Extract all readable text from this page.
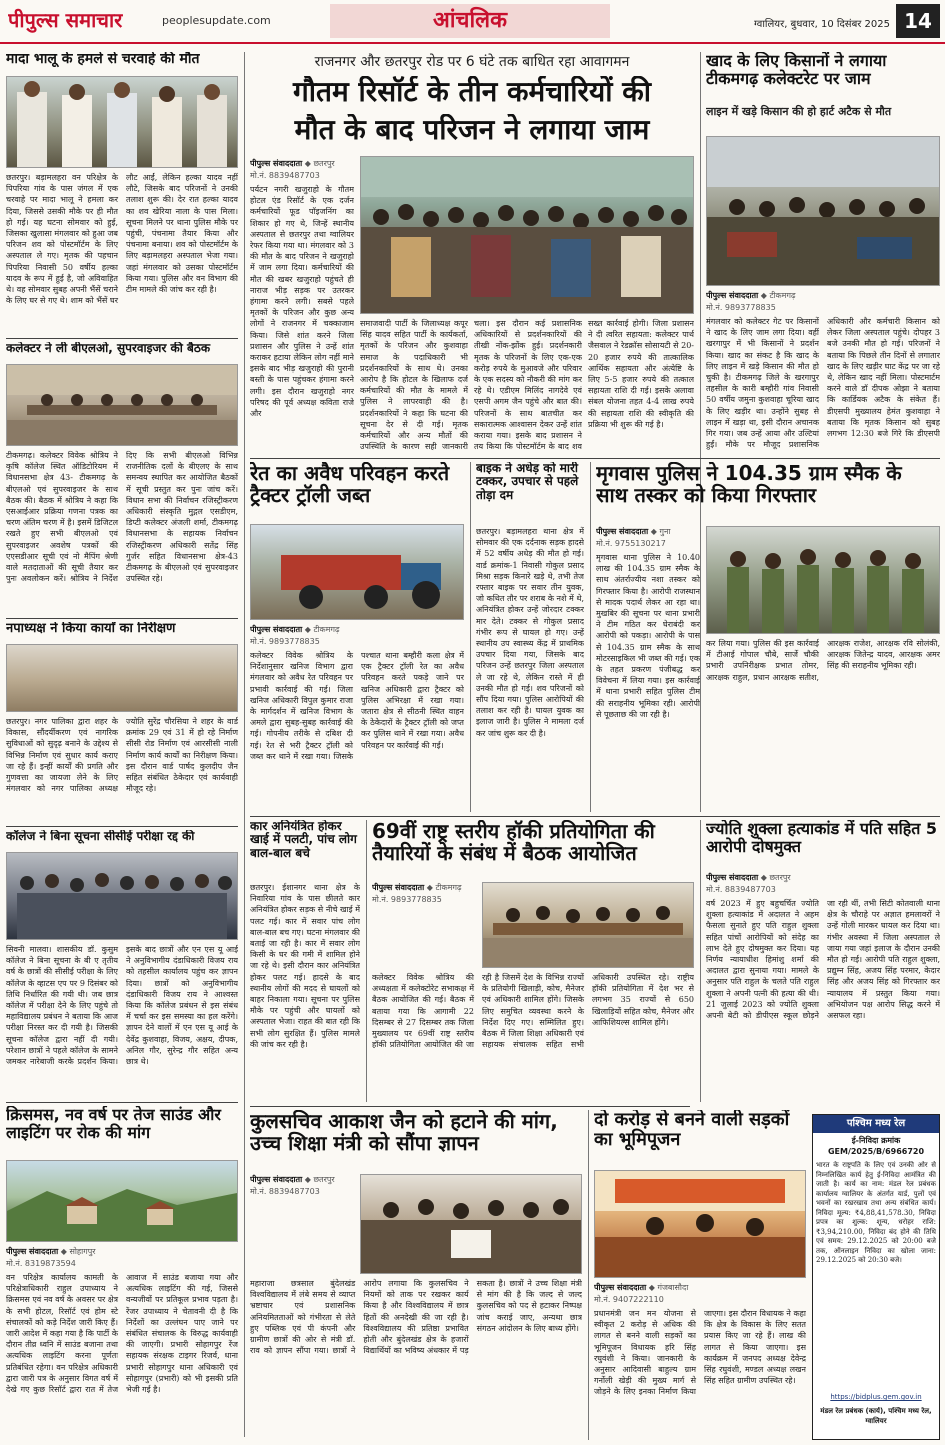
पीपुल्स समाचार	peoplesupdate.com	आंचलिक	ग्वालियर, बुधवार, 10 दिसंबर 2025 14
मादा भालू के हमले से चरवाहे की मौत
छतरपुर। बड़ामलहरा वन परिक्षेत्र के पिपरिया गांव के पास जंगल में एक चरवाहे पर मादा भालू ने हमला कर दिया, जिससे उसकी मौके पर ही मौत हो गई। यह घटना सोमवार को हुई, जिसका खुलासा मंगलवार को हुआ जब परिजन शव को पोस्टमॉर्टम के लिए अस्पताल ले गए। मृतक की पहचान पिपरिया निवासी 50 वर्षीय हल्का यादव के रूप में हुई है, जो अविवाहित थे। वह सोमवार सुबह अपनी भैंसें चराने के लिए घर से गए थे। शाम को भैंसें घर लौट आईं, लेकिन हल्का यादव नहीं लौटे, जिसके बाद परिजनों ने उनकी तलाश शुरू की। देर रात हल्का यादव का शव खेरिया नाला के पास मिला। सूचना मिलने पर थाना पुलिस मौके पर पहुंची, पंचनामा तैयार किया और पंचनामा बनाया। शव को पोस्टमॉर्टम के लिए बड़ामलहरा अस्पताल भेजा गया। जहां मंगलवार को उसका पोस्टमॉर्टम किया गया। पुलिस और वन विभाग की टीम मामले की जांच कर रही है।
कलेक्टर ने ली बीएलओ, सुपरवाइजर की बैठक
टीकमगढ़। कलेक्टर विवेक श्रोत्रिय ने कृषि कॉलेज स्थित ऑडिटोरियम में विधानसभा क्षेत्र 43- टीकमगढ़ के बीएलओ एवं सुपरवाइजर के साथ बैठक की। बैठक में श्रोत्रिय ने कहा कि एसआईआर प्रक्रिया गणना पत्रक का चरण अंतिम चरण में है। इसमें डिजिटल रखते हुए सभी बीएलओ एवं सुपरवाइजर अवशेष पत्रकों की एएसडीआर सूची एवं नो मैपिंग श्रेणी वाले मतदाताओं की सूची तैयार कर पुनः अवलोकन करें। श्रोत्रिय ने निर्देश दिए कि सभी बीएलओ विभिन्न राजनीतिक दलों के बीएलए के साथ समन्वय स्थापित कर आयोजित बैठकों में सूची प्रस्तुत कर पुनः जांच करें। विधान सभा की निर्वाचन रजिस्ट्रीकरण अधिकारी संस्कृति मुद्गल एसडीएम, डिप्टी कलेक्टर अंजली शर्मा, टीकमगढ़ विधानसभा के सहायक निर्वाचन रजिस्ट्रीकरण अधिकारी सतेंद्र सिंह गुर्जर सहित विधानसभा क्षेत्र-43 टीकमगढ़ के बीएलओ एवं सुपरवाइजर उपस्थित रहे।
नपाध्यक्ष ने किया कार्यों का निरीक्षण
छतरपुर। नगर पालिका द्वारा शहर के विकास, सौंदर्यीकरण एवं नागरिक सुविधाओं को सुदृढ़ बनाने के उद्देश्य से विभिन्न निर्माण एवं सुधार कार्य कराए जा रहे हैं। इन्हीं कार्यों की प्रगति और गुणवत्ता का जायजा लेने के लिए मंगलवार को नगर पालिका अध्यक्ष ज्योति सुरेंद्र चौरसिया ने शहर के वार्ड क्रमांक 29 एवं 31 में हो रहे निर्माण सीसी रोड निर्माण एवं आरसीसी नाली निर्माण कार्य कार्यों का निरीक्षण किया। इस दौरान वार्ड पार्षद कुलदीप जैन सहित संबंधित ठेकेदार एवं कार्यवाही मौजूद रहे।
कॉलेज ने बिना सूचना सीसीई परीक्षा रद्द की
सिवनी मालवा। शासकीय डॉ. कुसुम कॉलेज ने बिना सूचना के बी ए तृतीय वर्ष के छात्रों की सीसीई परीक्षा के लिए कॉलेज के व्हाटस एप पर 9 दिसंबर को तिथि निर्धारित की गयी थी। जब छात्र कॉलेज में परीक्षा देने के लिए पहुंचे तो महाविद्यालय प्रबंधन ने बताया कि आज परीक्षा निरस्त कर दी गयी है। जिसकी सूचना कॉलेज द्वारा नहीं दी गयी। परेशान छात्रों ने पहले कॉलेज के सामने जमकर नारेबाजी करके प्रदर्शन किया। इसके बाद छात्रों और एन एस यू आई ने अनुविभागीय दंडाधिकारी विजय राय को तहसील कार्यालय पहुंच कर ज्ञापन दिया। छात्रों को अनुविभागीय दंडाधिकारी विजय राय ने आश्वस्त किया कि कॉलेज प्रबंधन से इस संबंध में चर्चा कर इस समस्या का हल करेंगे। ज्ञापन देने वालों में एन एस यू आई के देवेंद्र कुशवाहा, विजय, अक्षय, दीपक, अनिल गौर, सुरेन्द्र गौर सहित अन्य छात्र थे।
क्रिसमस, नव वर्ष पर तेज साउंड और लाइटिंग पर रोक की मांग
पीपुल्स संवाददाता ◆ सोहागपुर
मो.नं. 8319873594
वन परिक्षेत्र कार्यालय कामती के परिक्षेत्राधिकारी राहुल उपाध्याय ने क्रिसमस एवं नव वर्ष के अवसर पर क्षेत्र के सभी होटल, रिसॉर्ट एवं होम स्टे संचालकों को कड़े निर्देश जारी किए हैं। जारी आदेश में कहा गया है कि पार्टी के दौरान तीव्र ध्वनि में साउंड बजाना तथा अत्यधिक लाइटिंग करना पूर्णतः प्रतिबंधित रहेगा। वन परिक्षेत्र अधिकारी द्वारा जारी पत्र के अनुसार विगत वर्ष में देखे गए कुछ रिसॉर्ट द्वारा रात में तेज आवाज में साउंड बजाया गया और अत्यधिक लाइटिंग की गई, जिससे वन्यजीवों पर प्रतिकूल प्रभाव पड़ता है। रेंजर उपाध्याय ने चेतावनी दी है कि निर्देशों का उल्लंघन पाए जाने पर संबंधित संचालक के विरुद्ध कार्यवाही की जाएगी। प्रभारी सोहागपुर रेंज सहायक संरक्षक टाइगर रिजर्व, धाना प्रभारी सोहागपुर थाना अधिकारी एवं सोहागपुर (प्रभारी) को भी इसकी प्रति भेजी गई है।
राजनगर और छतरपुर रोड पर 6 घंटे तक बाधित रहा आवागमन
गौतम रिसॉर्ट के तीन कर्मचारियों की
मौत के बाद परिजन ने लगाया जाम
पीपुल्स संवाददाता ◆ छतरपुर
मो.नं. 8839487703
पर्यटन नगरी खजुराहो के गौतम होटल एंड रिसॉर्ट के एक दर्जन कर्मचारियों फूड पॉइजनिंग का शिकार हो गए थे, जिन्हें स्थानीय अस्पताल से छतरपुर तथा ग्वालियर रेफर किया गया था। मंगलवार को 3 की मौत के बाद परिजन ने खजुराहो में जाम लगा दिया। कर्मचारियों की मौत की खबर खजुराहो पहुंचते ही नाराज भीड़ सड़क पर उतरकर हंगामा करने लगी। सबसे पहले मृतकों के परिजन और कुछ अन्य लोगों ने राजनगर में चक्काजाम किया। जिसे शांत करने जिला प्रशासन और पुलिस ने उन्हें शांत कराकर हटाया लेकिन लोग नहीं माने इसके बाद भीड़ खजुराहो की पुरानी बस्ती के पास पहुंचकर हंगामा करने लगी। इस दौरान खजुराहो नगर परिषद की पूर्व अध्यक्ष कविता राजे और
समाजवादी पार्टी के जिलाध्यक्ष कपूर सिंह यादव सहित पार्टी के कार्यकर्ता, मृतकों के परिजन और कुशवाहा समाज के पदाधिकारी भी प्रदर्शनकारियों के साथ थे। उनका आरोप है कि होटल के खिलाफ दर्ज कर्मचारियों की मौत के मामले में पुलिस ने लापरवाही की है। प्रदर्शनकारियों ने कहा कि घटना की सूचना देर से दी गई। मृतक कर्मचारियों और अन्य मौतों की उपस्थिति के कारण सही जानकारी
चला। इस दौरान कई प्रशासनिक अधिकारियों से प्रदर्शनकारियों की तीखी नोंक-झोंक हुई। प्रदर्शनकारी मृतक के परिजनों के लिए एक-एक करोड़ रुपये के मुआवजे और परिवार के एक सदस्य को नौकरी की मांग कर रहे थे। एडीएम मिलिंद नागदेवे एवं एसपी अगम जैन पहुंचे और बात की। परिजनों के साथ बातचीत कर सकारात्मक आश्वासन देकर उन्हें शांत कराया गया। इसके बाद प्रशासन ने तय किया कि पोस्टमॉर्टम के बाद शव
सख्त कार्रवाई होगी। जिला प्रशासन ने दी त्वरित सहायता: कलेक्टर पार्थ जैसवाल ने रेडक्रॉस सोसायटी से 20-20 हजार रुपये की तात्कालिक आर्थिक सहायता और अंत्येष्टि के लिए 5-5 हजार रुपये की तत्काल सहायता राशि दी गई। इसके अलावा संबल योजना तहत 4-4 लाख रुपये की सहायता राशि की स्वीकृति की प्रक्रिया भी शुरू की गई है।
खाद के लिए किसानों ने लगाया टीकमगढ़ कलेक्टरेट पर जाम
लाइन में खड़े किसान की हो हार्ट अटैक से मौत
पीपुल्स संवाददाता ◆ टीकमगढ़
मो.नं. 9893778835
मंगलवार को कलेक्टर गेट पर किसानों ने खाद के लिए जाम लगा दिया। वहीं खरगापुर में भी किसानों ने प्रदर्शन किया। खाद का संकट है कि खाद के लिए लाइन में खड़े किसान की मौत हो चुकी है। टीकमगढ़ जिले के खरगापुर तहसील के कारी बम्हौरी गांव निवासी 50 वर्षीय जमुना कुशवाहा चूरिया खाद के लिए खड़ीर था। उन्होंने सुबह से लाइन में खड़ा था, इसी दौरान अचानक गिर गया। जब उन्हें आया और उल्टियां हुईं। मौके पर मौजूद प्रशासनिक अधिकारी और कर्मचारी किसान को लेकर जिला अस्पताल पहुंचे। दोपहर 3 बजे उनकी मौत हो गई। परिजनों ने बताया कि पिछले तीन दिनों से लगातार खाद के लिए खड़ीर घाट केंद्र पर जा रहे थे, लेकिन खाद नहीं मिला। पोस्टमार्टम करने वाले डॉ दीपक ओझा ने बताया कि कार्डियक अटैक के संकेत हैं। डीएसपी मुख्यालय हेमंत कुशवाहा ने बताया कि मृतक किसान को सुबह लगभग 12:30 बजे गिरे कि डीएसपी
रेत का अवैध परिवहन करते ट्रैक्टर ट्रॉली जब्त
पीपुल्स संवाददाता ◆ टीकमगढ़
मो.नं. 9893778835
कलेक्टर विवेक श्रोत्रिय के निर्देशानुसार खनिज विभाग द्वारा मंगलवार को अवैध रेत परिवहन पर प्रभावी कार्रवाई की गई। जिला खनिज अधिकारी विपुल कुमार राजा के मार्गदर्शन में खनिज विभाग के अमले द्वारा सुबह-सुबह कार्रवाई की गई। गोपनीय तरीके से दबिश दी गई। रेत से भरी ट्रैक्टर ट्रॉली को जब्त कर थाने में रखा गया। जिसके पश्चात थाना बम्हौरी कला क्षेत्र में एक ट्रैक्टर ट्रॉली रेत का अवैध परिवहन करते पकड़े जाने पर खनिज अधिकारी द्वारा ट्रैक्टर को पुलिस अभिरक्षा में रखा गया। जतारा क्षेत्र से सीठनी स्थित वाहन के ठेकेदारों के ट्रैक्टर ट्रॉली को जप्त कर पुलिस थाने में रखा गया। अवैध परिवहन पर कार्रवाई की गई।
बाइक ने अधेड़ को मारी टक्कर, उपचार से पहले तोड़ा दम
छतरपुर। बड़ामलहरा थाना क्षेत्र में सोमवार की एक दर्दनाक सड़क हादसे में 52 वर्षीय अधेड़ की मौत हो गई। वार्ड क्रमांक-1 निवासी गोकुल प्रसाद मिश्रा सड़क किनारे खड़े थे, तभी तेज रफ्तार बाइक पर सवार तीन युवक, जो कथित तौर पर शराब के नशे में थे, अनियंत्रित होकर उन्हें जोरदार टक्कर मार देते। टक्कर से गोकुल प्रसाद गंभीर रूप से घायल हो गए। उन्हें स्थानीय उप स्वास्थ्य केंद्र में प्राथमिक उपचार दिया गया, जिसके बाद परिजन उन्हें छतरपुर जिला अस्पताल ले जा रहे थे, लेकिन रास्ते में ही उनकी मौत हो गई। शव परिजनों को सौंप दिया गया। पुलिस आरोपियों की तलाश कर रही है। घायल युवक का इलाज जारी है। पुलिस ने मामला दर्ज कर जांच शुरू कर दी है।
मृगवास पुलिस ने 104.35 ग्राम स्मैक के साथ तस्कर को किया गिरफ्तार
पीपुल्स संवाददाता ◆ गुना
मो.नं. 9755130217
मृगवास थाना पुलिस ने 10.40 लाख की 104.35 ग्राम स्मैक के साथ अंतर्राज्यीय नशा तस्कर को गिरफ्तार किया है। आरोपी राजस्थान से मादक पदार्थ लेकर आ रहा था। मुखबिर की सूचना पर थाना प्रभारी ने टीम गठित कर घेराबंदी कर आरोपी को पकड़ा। आरोपी के पास से 104.35 ग्राम स्मैक के साथ मोटरसाइकिल भी जब्त की गई। एक के तहत प्रकरण पंजीबद्ध कर विवेचना में लिया गया। इस कार्रवाई में थाना प्रभारी सहित पुलिस टीम की सराहनीय भूमिका रही। आरोपी से पूछताछ की जा रही है।
कर लिया गया। पुलिस की इस कार्रवाई में टीआई गोपाल चौबे, सार्जे चौकी प्रभारी उपनिरीक्षक प्रभात तोमर, आरक्षक राहुल, प्रधान आरक्षक सतीश, आरक्षक राजेश, आरक्षक रवि सोलंकी, आरक्षक जितेन्द्र यादव, आरक्षक अमर सिंह की सराहनीय भूमिका रही।
कार अनियंत्रित होकर खाई में पलटी, पांच लोग बाल-बाल बचे
छतरपुर। ईशानगर थाना क्षेत्र के निवारिया गांव के पास छीलते कार अनियंत्रित होकर सड़क से नीचे खाई में पलट गई। कार में सवार पांच लोग बाल-बाल बच गए। घटना मंगलवार की बताई जा रही है। कार में सवार लोग किसी के घर की गमी में शामिल होने जा रहे थे। इसी दौरान कार अनियंत्रित होकर पलट गई। हादसे के बाद स्थानीय लोगों की मदद से घायलों को बाहर निकाला गया। सूचना पर पुलिस मौके पर पहुंची और घायलों को अस्पताल भेजा। राहत की बात रही कि सभी लोग सुरक्षित हैं। पुलिस मामले की जांच कर रही है।
69वीं राष्ट्र स्तरीय हॉकी प्रतियोगिता की तैयारियों के संबंध में बैठक आयोजित
पीपुल्स संवाददाता ◆ टीकमगढ़
मो.नं. 9893778835
कलेक्टर विवेक श्रोत्रिय की अध्यक्षता में कलेक्टोरेट सभाकक्ष में बैठक आयोजित की गई। बैठक में बताया गया कि आगामी 22 दिसम्बर से 27 दिसम्बर तक जिला मुख्यालय पर 69वीं राष्ट्र स्तरीय हॉकी प्रतियोगिता आयोजित की जा रही है जिसमें देश के विभिन्न राज्यों के प्रतियोगी खिलाड़ी, कोच, मैनेजर एवं अधिकारी शामिल होंगे। जिसके लिए समुचित व्यवस्था करने के निर्देश दिए गए। सम्मिलित हुए। बैठक में जिला शिक्षा अधिकारी एवं सहायक संचालक सहित सभी अधिकारी उपस्थित रहे। राष्ट्रीय हॉकी प्रतियोगिता में देश भर से लगभग 35 राज्यों से 650 खिलाड़ियों सहित कोच, मैनेजर और आफिशियल्स शामिल होंगे।
ज्योति शुक्ला हत्याकांड में पति सहित 5 आरोपी दोषमुक्त
पीपुल्स संवाददाता ◆ छतरपुर
मो.नं. 8839487703
वर्ष 2023 में हुए बहुचर्चित ज्योति शुक्ला हत्याकांड में अदालत ने अहम फैसला सुनाते हुए पति राहुल शुक्ला सहित पांचों आरोपियों को संदेह का लाभ देते हुए दोषमुक्त कर दिया। यह निर्णय न्यायाधीश हिमांशु शर्मा की अदालत द्वारा सुनाया गया। मामले के अनुसार पति राहुल के चलते पति राहुल शुक्ला ने अपनी पत्नी की हत्या की थी। 21 जुलाई 2023 को ज्योति शुक्ला अपनी बेटी को डीपीएस स्कूल छोड़ने जा रही थीं, तभी सिटी कोतवाली थाना क्षेत्र के चौराहे पर अज्ञात हमलावरों ने उन्हें गोली मारकर घायल कर दिया था। गंभीर अवस्था में जिला अस्पताल ले जाया गया जहां इलाज के दौरान उनकी मौत हो गई। आरोपी पति राहुल शुक्ला, प्रद्युम्न सिंह, अजय सिंह परमार, केदार सिंह और अजय सिंह को गिरफ्तार कर न्यायालय में प्रस्तुत किया गया। अभियोजन पक्ष आरोप सिद्ध करने में असफल रहा।
कुलसचिव आकाश जैन को हटाने की मांग, उच्च शिक्षा मंत्री को सौंपा ज्ञापन
पीपुल्स संवाददाता ◆ छतरपुर
मो.नं. 8839487703
महाराजा छत्रसाल बुंदेलखंड विश्वविद्यालय में लंबे समय से व्याप्त भ्रष्टाचार एवं प्रशासनिक अनियमितताओं को गंभीरता से लेते हुए पब्लिक एवं पी कंपनी और ग्रामीण छात्रों की ओर से मंत्री डॉ. राव को ज्ञापन सौंपा गया। छात्रों ने आरोप लगाया कि कुलसचिव ने नियमों को ताक पर रखकर कार्य किया है और विश्वविद्यालय में छात्र हितों की अनदेखी की जा रही है। विश्वविद्यालय की प्रतिष्ठा प्रभावित होती और बुंदेलखंड क्षेत्र के हजारों विद्यार्थियों का भविष्य अंधकार में पड़ सकता है। छात्रों ने उच्च शिक्षा मंत्री से मांग की है कि जल्द से जल्द कुलसचिव को पद से हटाकर निष्पक्ष जांच कराई जाए, अन्यथा छात्र संगठन आंदोलन के लिए बाध्य होंगे।
दो करोड़ से बनने वाली सड़कों का भूमिपूजन
पीपुल्स संवाददाता ◆ गंजबासौदा
मो.नं. 9407222110
प्रधानमंत्री जन मन योजना से स्वीकृत 2 करोड़ से अधिक की लागत से बनने वाली सड़कों का भूमिपूजन विधायक हरि सिंह रघुवंशी ने किया। जानकारी के अनुसार आदिवासी बाहुल्य ग्राम गर्नोली खेड़ी की मुख्य मार्ग से जोड़ने के लिए इनका निर्माण किया जाएगा। इस दौरान विधायक ने कहा कि क्षेत्र के विकास के लिए सतत प्रयास किए जा रहे हैं। लाख की लागत से किया जाएगा। इस कार्यक्रम में जनपद अध्यक्ष देवेन्द्र सिंह रघुवंशी, मण्डल अध्यक्ष लखन सिंह सहित ग्रामीण उपस्थित रहे।
पश्चिम मध्य रेल
ई-निविदा क्रमांक
GEM/2025/B/6966720
भारत के राष्ट्रपति के लिए एवं उनकी ओर से निम्नलिखित कार्य हेतु ई-निविदा आमंत्रित की जाती है। कार्य का नाम: मंडल रेल प्रबंधक कार्यालय ग्वालियर के अंतर्गत यार्ड, पुलों एवं भवनों का रखरखाव तथा अन्य संबंधित कार्य। निविदा मूल्य: ₹4,88,41,578.30, निविदा प्रपत्र का शुल्क: शून्य, धरोहर राशि: ₹3,94,210.00, निविदा बंद होने की तिथि एवं समय: 29.12.2025 को 20:00 बजे तक, ऑनलाइन निविदा का खोला जाना: 29.12.2025 को 20:30 बजे।
https://bidplus.gem.gov.in
मंडल रेल प्रबंधक (कार्य), पश्चिम मध्य रेल, ग्वालियर
